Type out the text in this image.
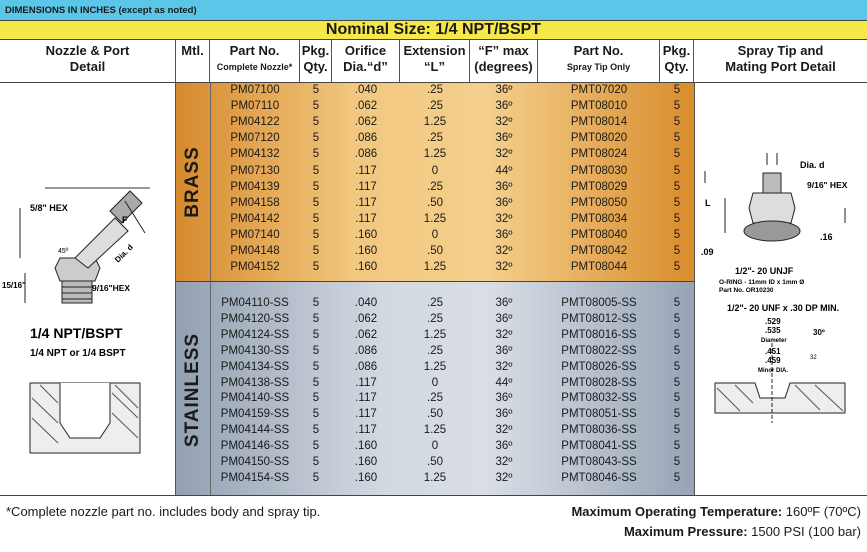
DIMENSIONS IN INCHES (except as noted)
Nominal Size: 1/4 NPT/BSPT
Nozzle & Port
Detail
Mtl.	Part No.
Complete Nozzle*
Pkg.
Qty.
Orifice
Dia.“d”
Extension
“L”
“F” max
(degrees)
Part No.
Spray Tip Only
Pkg.
Qty.
Spray Tip and
Mating Port Detail
BRASS
STAINLESS
PM07100	5	.040	.25	36º	PMT07020	5
PM07110	5	.062	.25	36º	PMT08010	5
PM04122	5	.062	1.25	32º	PMT08014	5
PM07120	5	.086	.25	36º	PMT08020	5
PM04132	5	.086	1.25	32º	PMT08024	5
PM07130	5	.117	0	44º	PMT08030	5
PM04139	5	.117	.25	36º	PMT08029	5
PM04158	5	.117	.50	36º	PMT08050	5
PM04142	5	.117	1.25	32º	PMT08034	5
PM07140	5	.160	0	36º	PMT08040	5
PM04148	5	.160	.50	32º	PMT08042	5
PM04152	5	.160	1.25	32º	PMT08044	5
PM04110-SS	5	.040	.25	36º	PMT08005-SS	5
PM04120-SS	5	.062	.25	36º	PMT08012-SS	5
PM04124-SS	5	.062	1.25	32º	PMT08016-SS	5
PM04130-SS	5	.086	.25	36º	PMT08022-SS	5
PM04134-SS	5	.086	1.25	32º	PMT08026-SS	5
PM04138-SS	5	.117	0	44º	PMT08028-SS	5
PM04140-SS	5	.117	.25	36º	PMT08032-SS	5
PM04159-SS	5	.117	.50	36º	PMT08051-SS	5
PM04144-SS	5	.117	1.25	32º	PMT08036-SS	5
PM04146-SS	5	.160	0	36º	PMT08041-SS	5
PM04150-SS	5	.160	.50	32º	PMT08043-SS	5
PM04154-SS	5	.160	1.25	32º	PMT08046-SS	5
5/8" HEX
15/16"	9/16"HEX
45º
F
Dia. d
1/4 NPT/BSPT
1/4 NPT or 1/4 BSPT
Dia. d
9/16" HEX
L
.09
.16
1/2"- 20 UNJF
O-RING - 11mm ID x 1mm Ø
Part No. OR10230
1/2"- 20 UNF x .30 DP MIN.
.529
.535
Diameter
.451
.459
Minor DIA.
30º
32
*Complete nozzle part no. includes body and spray tip.	Maximum Operating Temperature: 160ºF (70ºC)
Maximum Pressure: 1500 PSI (100 bar)
